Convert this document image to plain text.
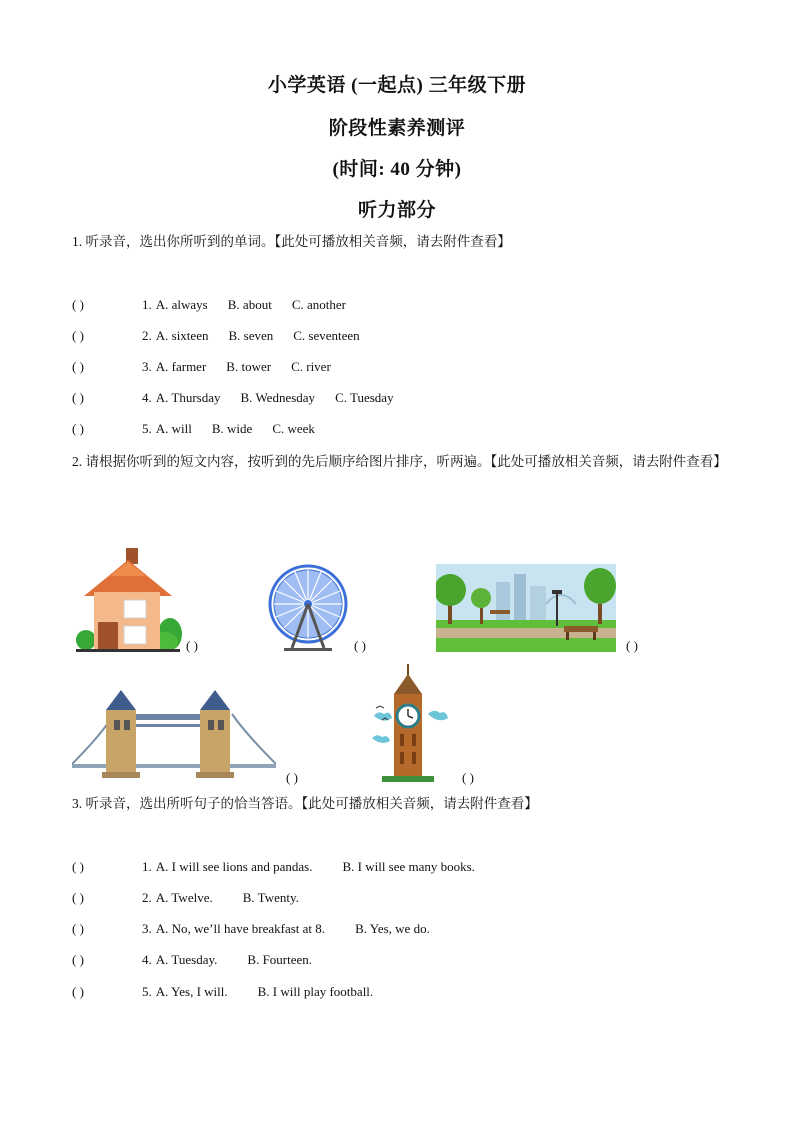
小学英语 (一起点) 三年级下册
阶段性素养测评
(时间: 40 分钟)
听力部分
1. 听录音，选出你所听到的单词。【此处可播放相关音频，请去附件查看】
( )	1. A. always B. about C. another
( )	2. A. sixteen B. seven C. seventeen
( )	3. A. farmer B. tower C. river
( )	4. A. Thursday B. Wednesday C. Tuesday
( )	5. A. will B. wide C. week
2. 请根据你听到的短文内容，按听到的先后顺序给图片排序，听两遍。【此处可播放相关音频，请去附件查看】
( )	( )	( )
( )	( )
3. 听录音，选出所听句子的恰当答语。【此处可播放相关音频，请去附件查看】
( )	1. A. I will see lions and pandas. B. I will see many books.
( )	2. A. Twelve. B. Twenty.
( )	3. A. No, we’ll have breakfast at 8. B. Yes, we do.
( )	4. A. Tuesday. B. Fourteen.
( )	5. A. Yes, I will. B. I will play football.
